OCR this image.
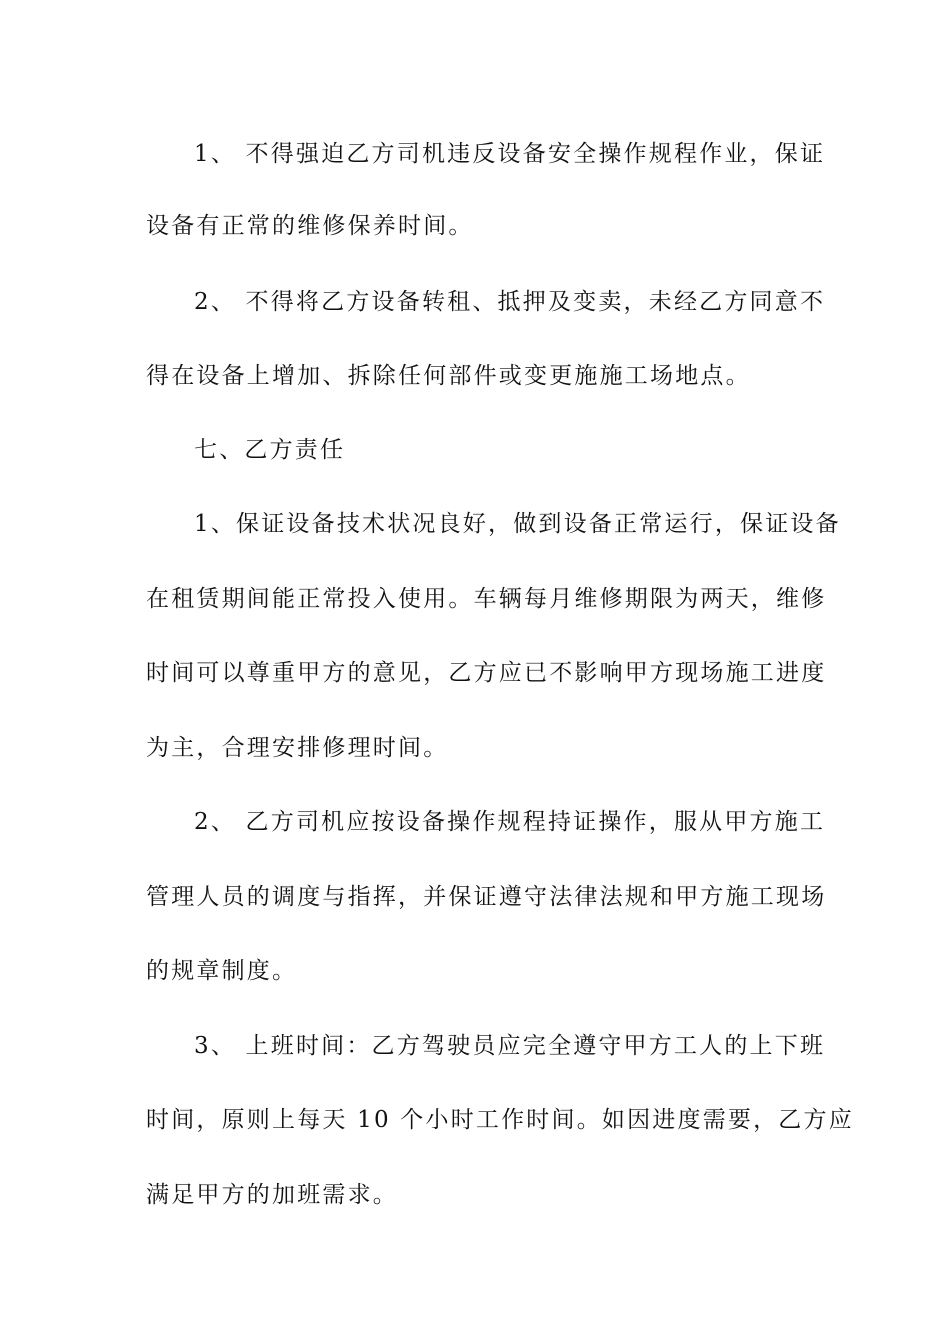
1、 不得强迫乙方司机违反设备安全操作规程作业，保证
设备有正常的维修保养时间。
2、 不得将乙方设备转租、抵押及变卖，未经乙方同意不
得在设备上增加、拆除任何部件或变更施施工场地点。
七、乙方责任
1、保证设备技术状况良好，做到设备正常运行，保证设备
在租赁期间能正常投入使用。车辆每月维修期限为两天，维修
时间可以尊重甲方的意见，乙方应已不影响甲方现场施工进度
为主，合理安排修理时间。
2、 乙方司机应按设备操作规程持证操作，服从甲方施工
管理人员的调度与指挥，并保证遵守法律法规和甲方施工现场
的规章制度。
3、 上班时间：乙方驾驶员应完全遵守甲方工人的上下班
时间，原则上每天 10 个小时工作时间。如因进度需要，乙方应
满足甲方的加班需求。
